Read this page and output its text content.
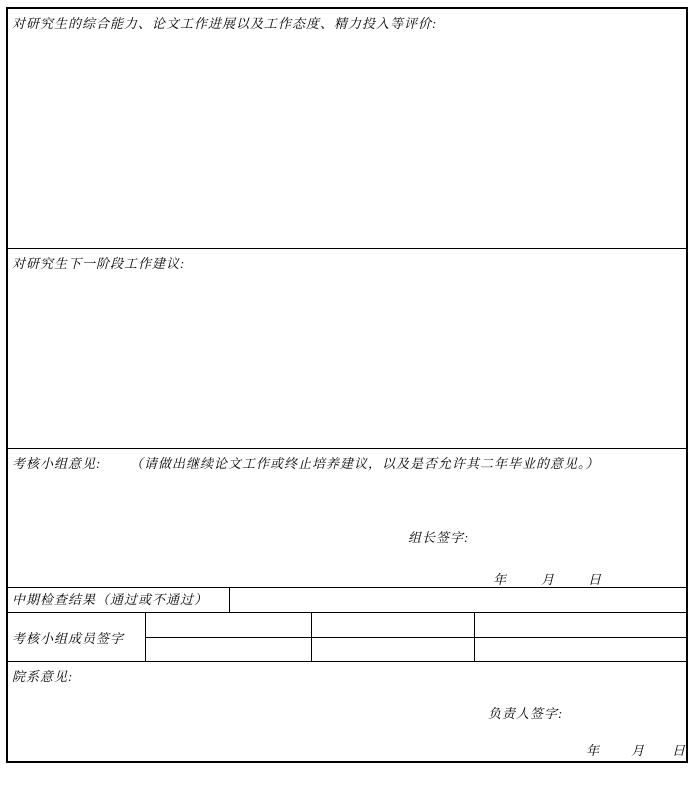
对研究生的综合能力、论文工作进展以及工作态度、精力投入等评价:
对研究生下一阶段工作建议:
考核小组意见: （请做出继续论文工作或终止培养建议，以及是否允许其二年毕业的意见。）
组长签字:
年	月	日
中期检查结果（通过或不通过）
考核小组成员签字
院系意见:
负责人签字:
年 月 日
